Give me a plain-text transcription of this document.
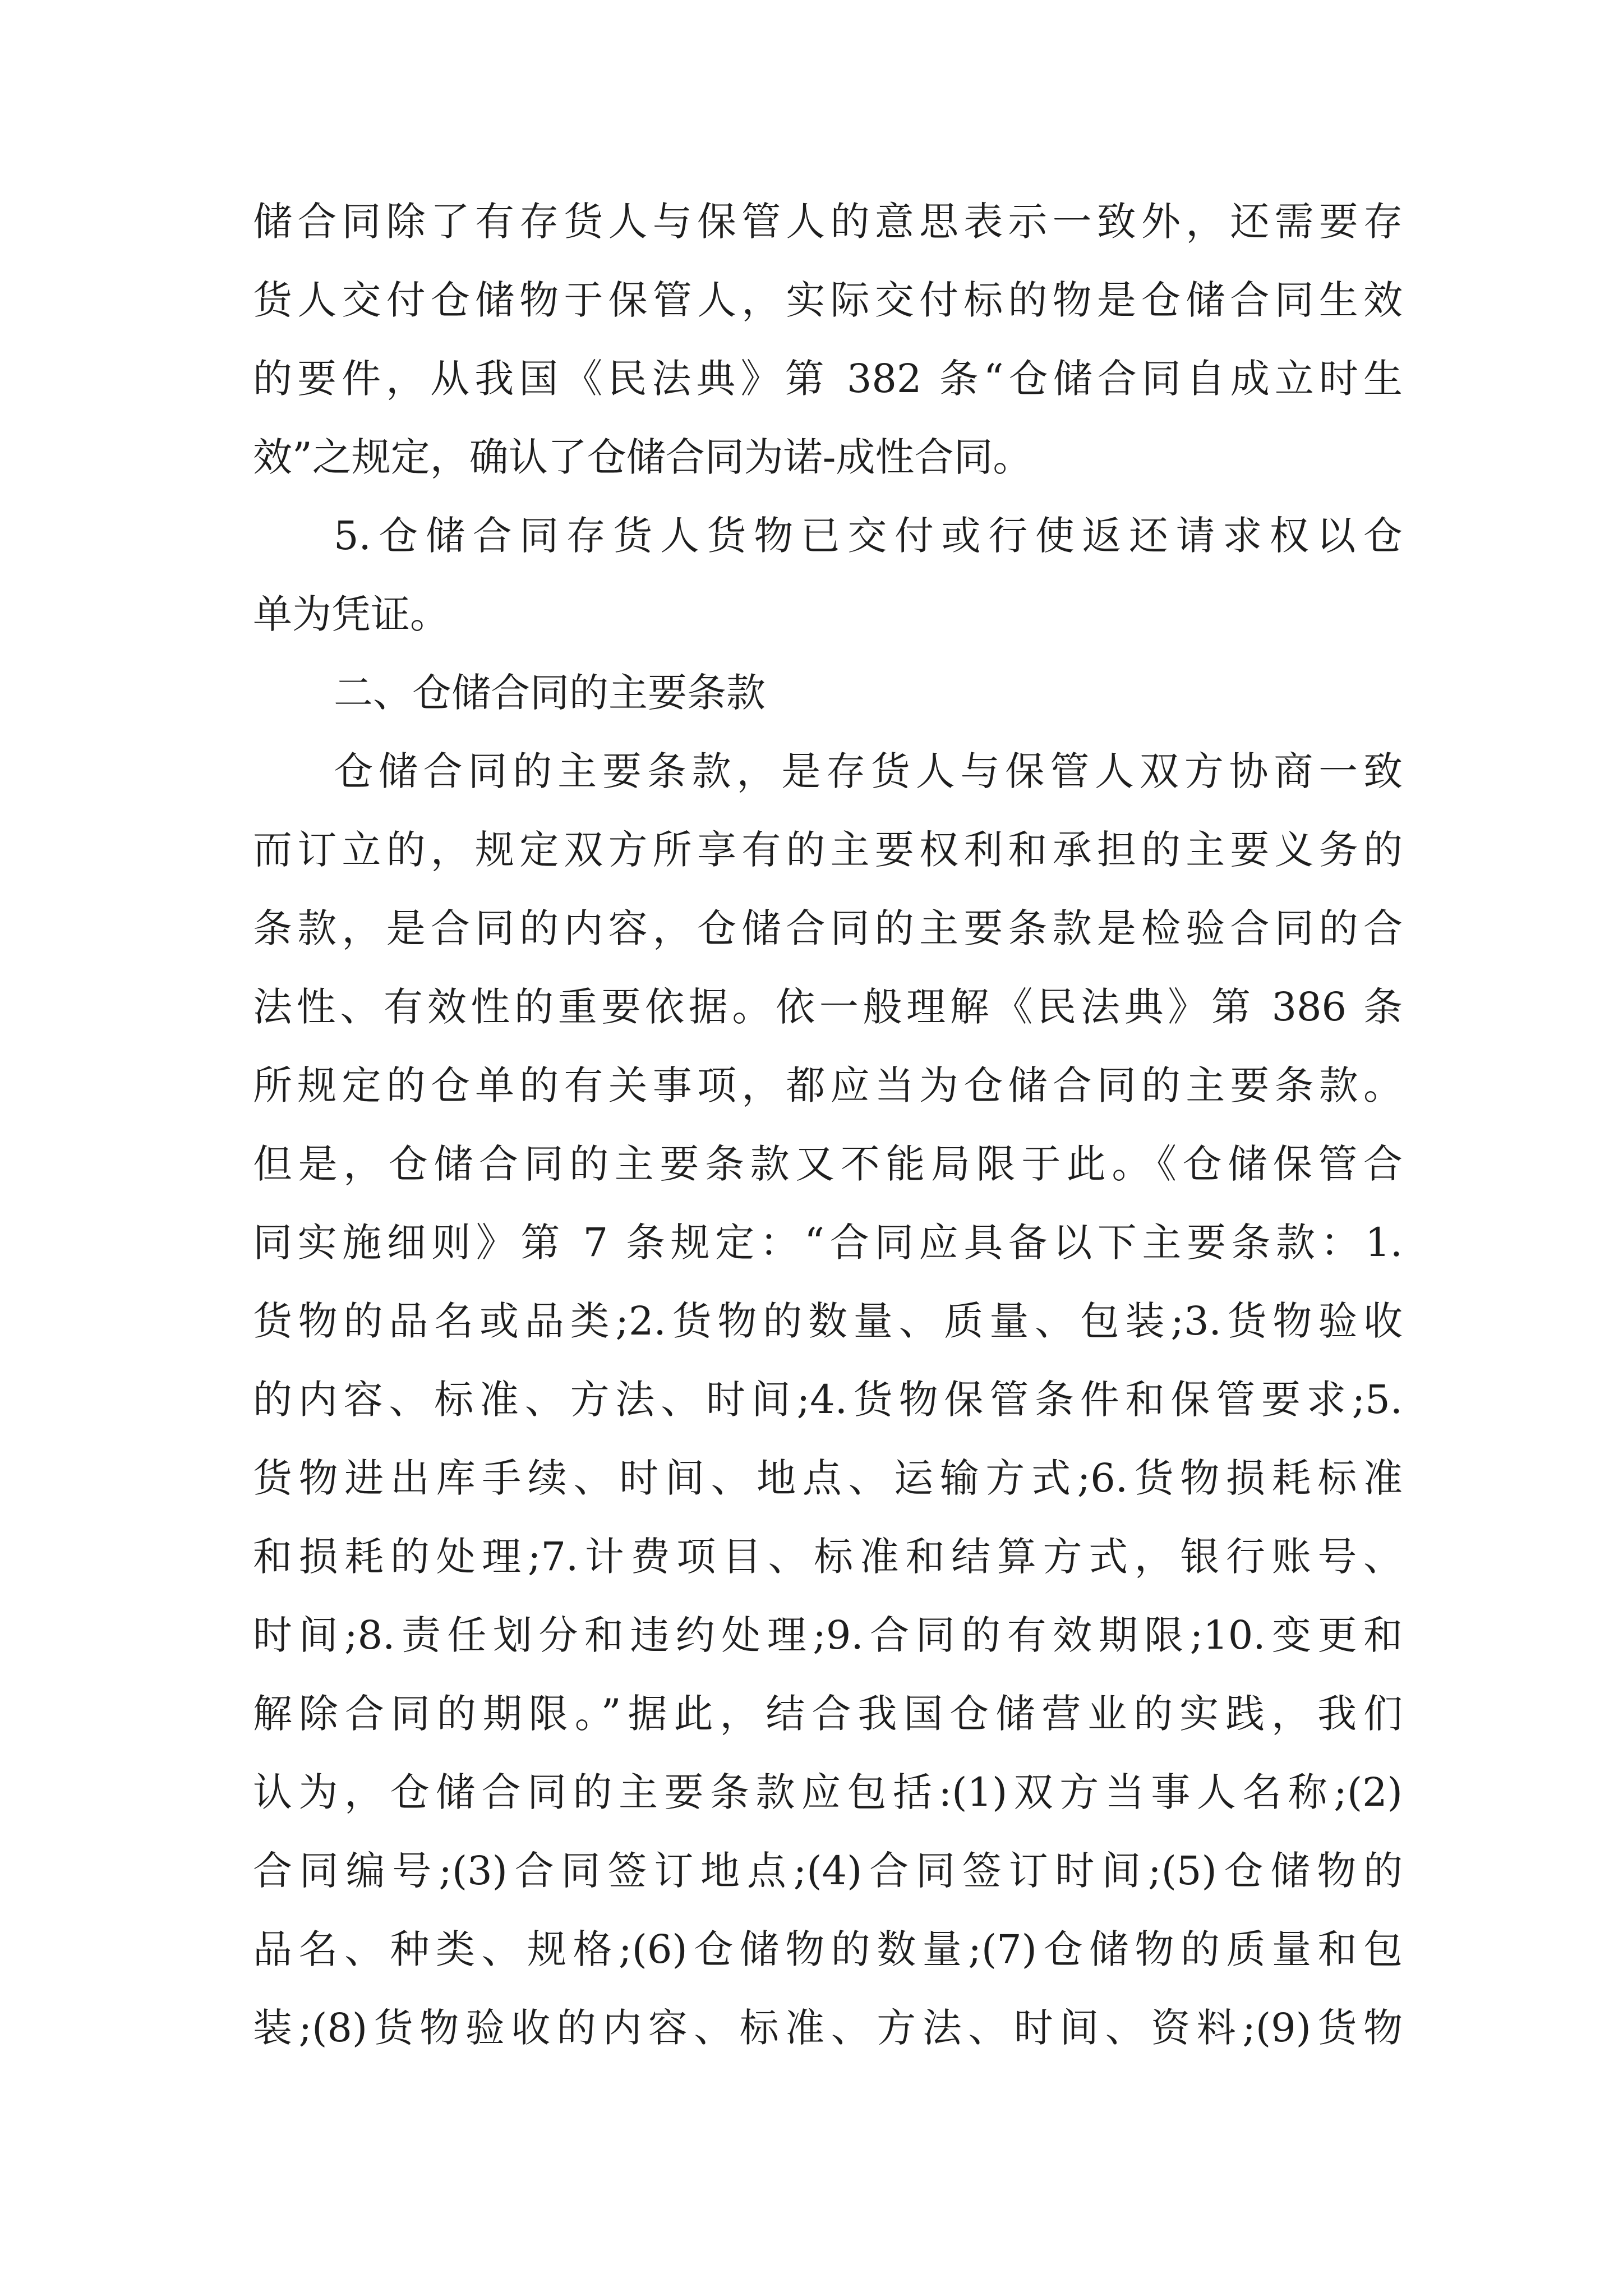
储合同除了有存货人与保管人的意思表示一致外，还需要存

货人交付仓储物于保管人，实际交付标的物是仓储合同生效

的要件，从我国《民法典》第 382 条“仓储合同自成立时生

效”之规定，确认了仓储合同为诺-成性合同。

5.仓储合同存货人货物已交付或行使返还请求权以仓

单为凭证。

二、仓储合同的主要条款

仓储合同的主要条款，是存货人与保管人双方协商一致

而订立的，规定双方所享有的主要权利和承担的主要义务的

条款，是合同的内容，仓储合同的主要条款是检验合同的合

法性、有效性的重要依据。依一般理解《民法典》第 386 条

所规定的仓单的有关事项，都应当为仓储合同的主要条款。

但是，仓储合同的主要条款又不能局限于此。《仓储保管合

同实施细则》第 7 条规定：“合同应具备以下主要条款：1.

货物的品名或品类;2.货物的数量、质量、包装;3.货物验收

的内容、标准、方法、时间;4.货物保管条件和保管要求;5.

货物进出库手续、时间、地点、运输方式;6.货物损耗标准

和损耗的处理;7.计费项目、标准和结算方式，银行账号、

时间;8.责任划分和违约处理;9.合同的有效期限;10.变更和

解除合同的期限。”据此，结合我国仓储营业的实践，我们

认为，仓储合同的主要条款应包括:(1)双方当事人名称;(2)

合同编号;(3)合同签订地点;(4)合同签订时间;(5)仓储物的

品名、种类、规格;(6)仓储物的数量;(7)仓储物的质量和包

装;(8)货物验收的内容、标准、方法、时间、资料;(9)货物
